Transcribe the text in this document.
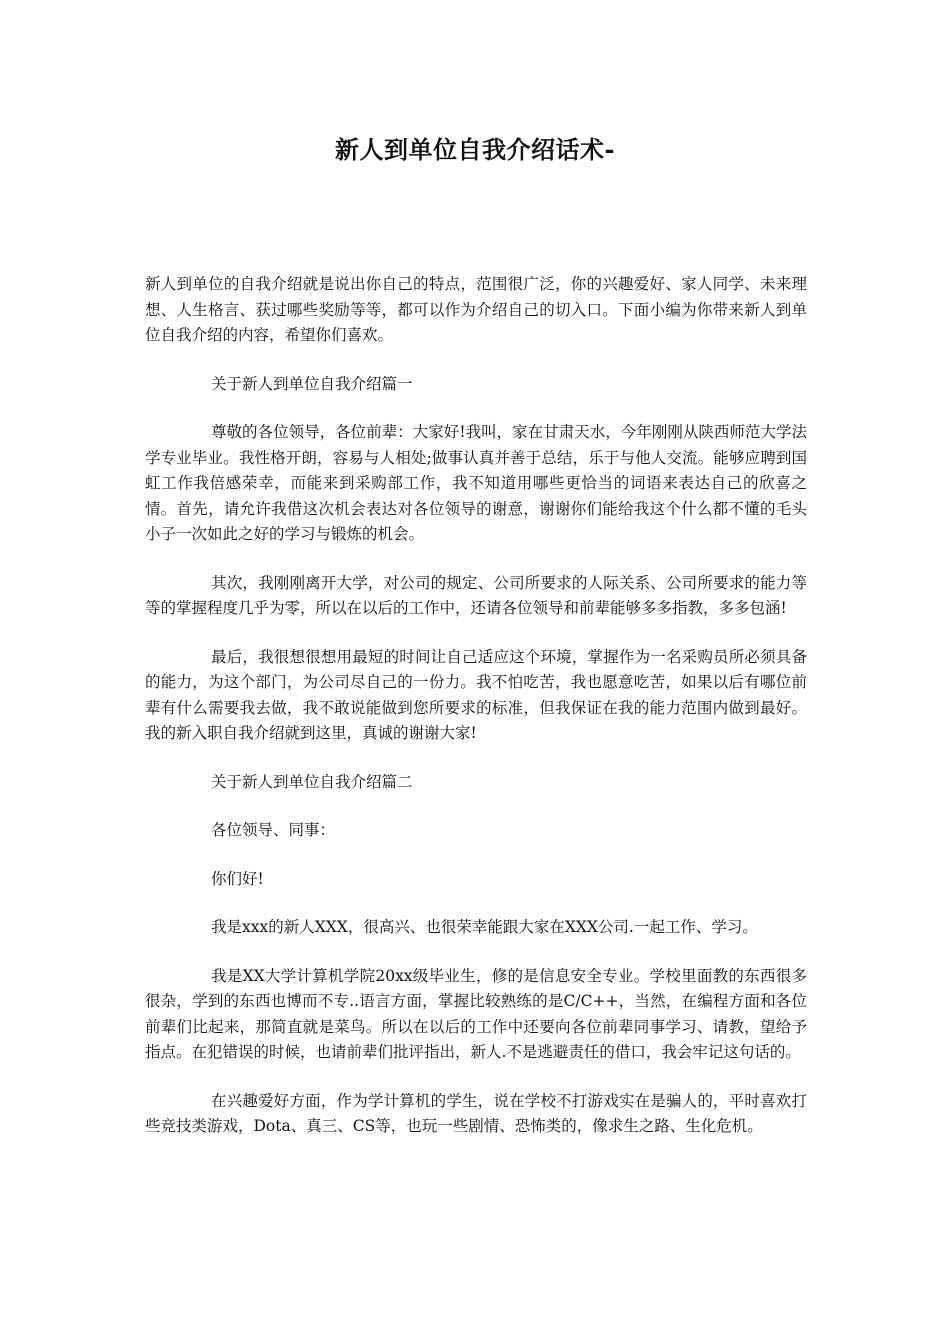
新人到单位自我介绍话术-

新人到单位的自我介绍就是说出你自己的特点，范围很广泛，你的兴趣爱好、家人同学、未来理想、人生格言、获过哪些奖励等等，都可以作为介绍自己的切入口。下面小编为你带来新人到单位自我介绍的内容，希望你们喜欢。

关于新人到单位自我介绍篇一

尊敬的各位领导，各位前辈：大家好!我叫，家在甘肃天水，今年刚刚从陕西师范大学法学专业毕业。我性格开朗，容易与人相处;做事认真并善于总结，乐于与他人交流。能够应聘到国虹工作我倍感荣幸，而能来到采购部工作，我不知道用哪些更恰当的词语来表达自己的欣喜之情。首先，请允许我借这次机会表达对各位领导的谢意，谢谢你们能给我这个什么都不懂的毛头小子一次如此之好的学习与锻炼的机会。

其次，我刚刚离开大学，对公司的规定、公司所要求的人际关系、公司所要求的能力等等的掌握程度几乎为零，所以在以后的工作中，还请各位领导和前辈能够多多指教，多多包涵!

最后，我很想很想用最短的时间让自己适应这个环境，掌握作为一名采购员所必须具备的能力，为这个部门，为公司尽自己的一份力。我不怕吃苦，我也愿意吃苦，如果以后有哪位前辈有什么需要我去做，我不敢说能做到您所要求的标准，但我保证在我的能力范围内做到最好。我的新入职自我介绍就到这里，真诚的谢谢大家!

关于新人到单位自我介绍篇二

各位领导、同事：

你们好!

我是xxx的新人XXX，很高兴、也很荣幸能跟大家在XXX公司.一起工作、学习。

我是XX大学计算机学院20xx级毕业生，修的是信息安全专业。学校里面教的东西很多很杂，学到的东西也博而不专..语言方面，掌握比较熟练的是C/C++，当然，在编程方面和各位前辈们比起来，那简直就是菜鸟。所以在以后的工作中还要向各位前辈同事学习、请教，望给予指点。在犯错误的时候，也请前辈们批评指出，新人.不是逃避责任的借口，我会牢记这句话的。

在兴趣爱好方面，作为学计算机的学生，说在学校不打游戏实在是骗人的，平时喜欢打些竞技类游戏，Dota、真三、CS等，也玩一些剧情、恐怖类的，像求生之路、生化危机。
